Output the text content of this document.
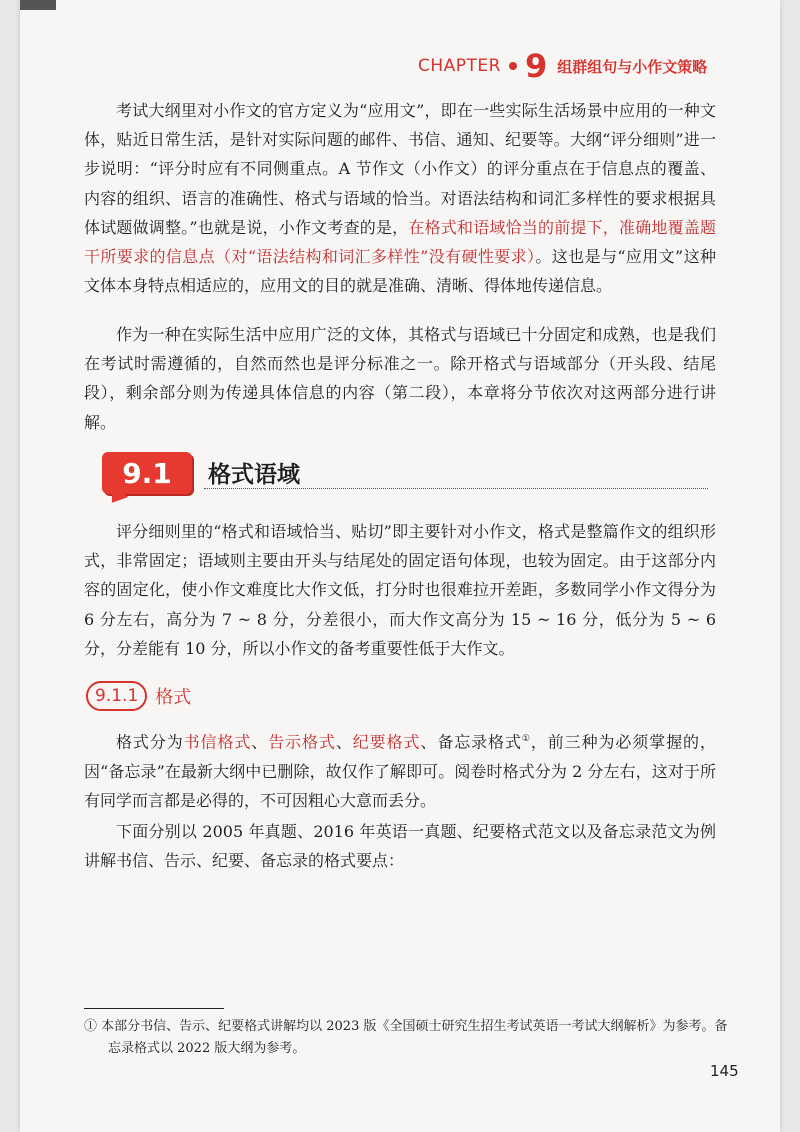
CHAPTER 9 组群组句与小作文策略

考试大纲里对小作文的官方定义为“应用文”，即在一些实际生活场景中应用的一种文体，贴近日常生活，是针对实际问题的邮件、书信、通知、纪要等。大纲“评分细则”进一步说明：“评分时应有不同侧重点。A 节作文（小作文）的评分重点在于信息点的覆盖、内容的组织、语言的准确性、格式与语域的恰当。对语法结构和词汇多样性的要求根据具体试题做调整。”也就是说，小作文考查的是，在格式和语域恰当的前提下，准确地覆盖题干所要求的信息点（对“语法结构和词汇多样性”没有硬性要求）。这也是与“应用文”这种文体本身特点相适应的，应用文的目的就是准确、清晰、得体地传递信息。

作为一种在实际生活中应用广泛的文体，其格式与语域已十分固定和成熟，也是我们在考试时需遵循的，自然而然也是评分标准之一。除开格式与语域部分（开头段、结尾段），剩余部分则为传递具体信息的内容（第二段），本章将分节依次对这两部分进行讲解。

9.1	格式语域

评分细则里的“格式和语域恰当、贴切”即主要针对小作文，格式是整篇作文的组织形式，非常固定；语域则主要由开头与结尾处的固定语句体现，也较为固定。由于这部分内容的固定化，使小作文难度比大作文低，打分时也很难拉开差距，多数同学小作文得分为 6 分左右，高分为 7 ~ 8 分，分差很小，而大作文高分为 15 ~ 16 分，低分为 5 ~ 6 分，分差能有 10 分，所以小作文的备考重要性低于大作文。

9.1.1 格式

格式分为书信格式、告示格式、纪要格式、备忘录格式①，前三种为必须掌握的，因“备忘录”在最新大纲中已删除，故仅作了解即可。阅卷时格式分为 2 分左右，这对于所有同学而言都是必得的，不可因粗心大意而丢分。

下面分别以 2005 年真题、2016 年英语一真题、纪要格式范文以及备忘录范文为例讲解书信、告示、纪要、备忘录的格式要点：

① 本部分书信、告示、纪要格式讲解均以 2023 版《全国硕士研究生招生考试英语一考试大纲解析》为参考。备忘录格式以 2022 版大纲为参考。

145
